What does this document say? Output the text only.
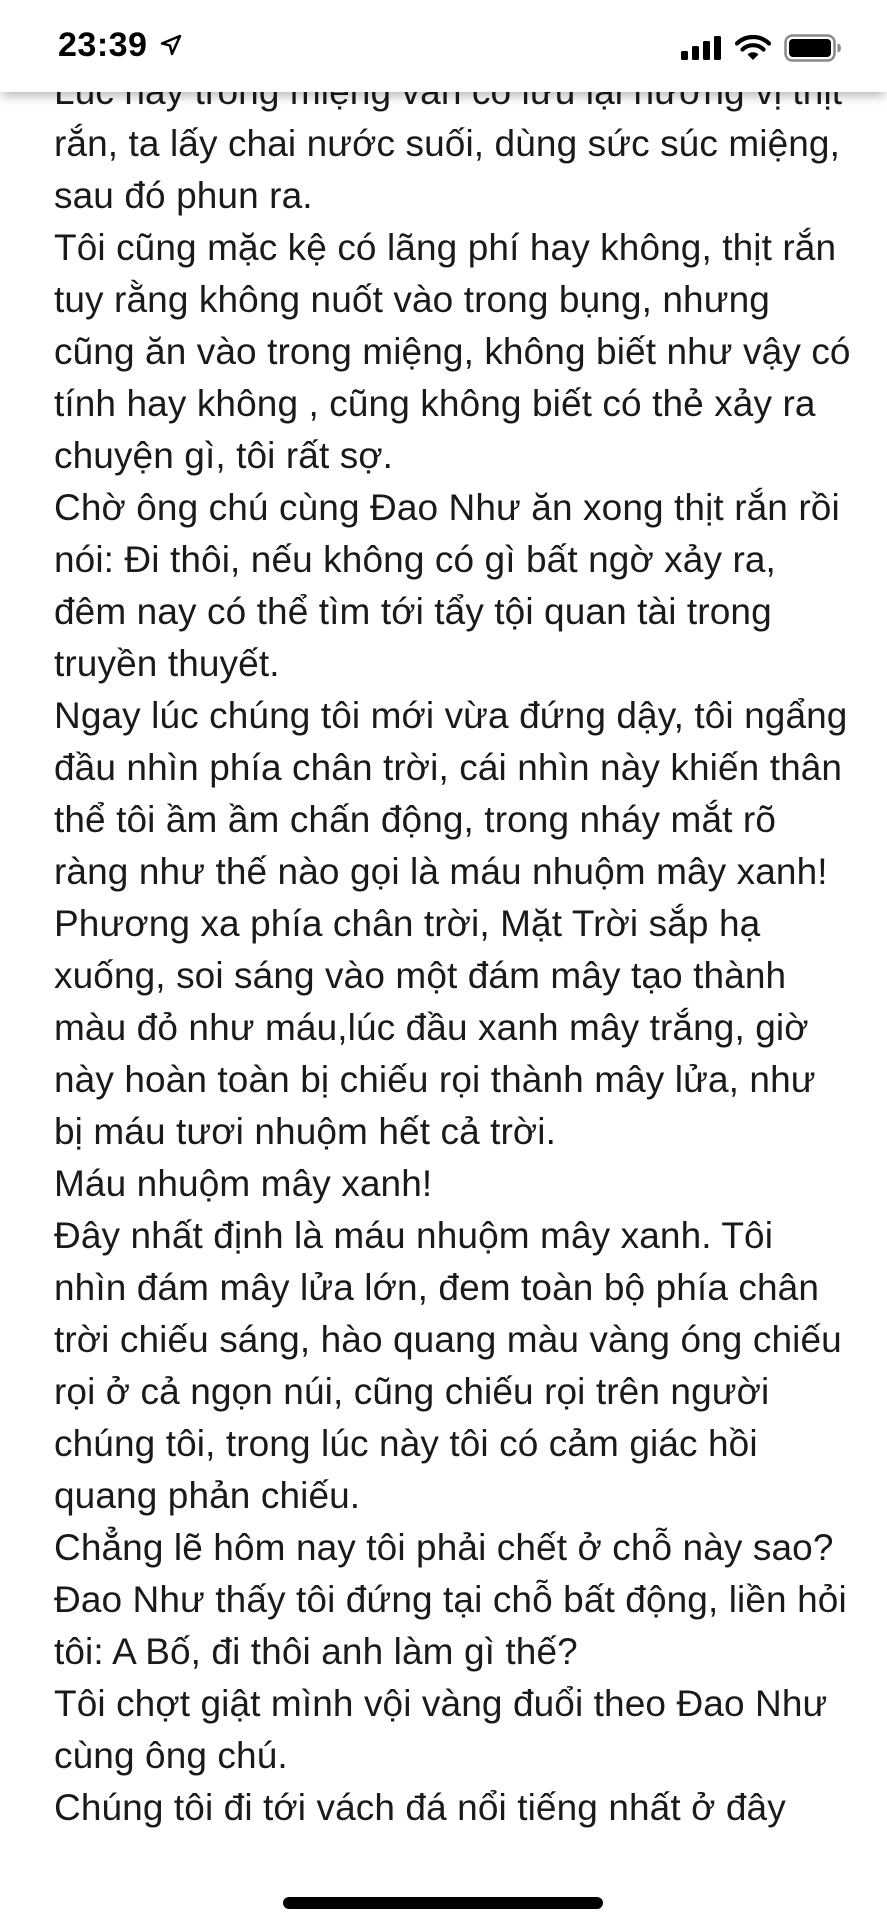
rắn, ta lấy chai nước suối, dùng sức súc miệng, sau đó phun ra.

Tôi cũng mặc kệ có lãng phí hay không, thịt rắn tuy rằng không nuốt vào trong bụng, nhưng cũng ăn vào trong miệng, không biết như vậy có tính hay không , cũng không biết có thẻ xảy ra chuyện gì, tôi rất sợ.

Chờ ông chú cùng Đao Như ăn xong thịt rắn rồi nói: Đi thôi, nếu không có gì bất ngờ xảy ra, đêm nay có thể tìm tới tẩy tội quan tài trong truyền thuyết.

Ngay lúc chúng tôi mới vừa đứng dậy, tôi ngẩng đầu nhìn phía chân trời, cái nhìn này khiến thân thể tôi ầm ầm chấn động, trong nháy mắt rõ ràng như thế nào gọi là máu nhuộm mây xanh!

Phương xa phía chân trời, Mặt Trời sắp hạ xuống, soi sáng vào một đám mây tạo thành màu đỏ như máu,lúc đầu xanh mây trắng, giờ này hoàn toàn bị chiếu rọi thành mây lửa, như bị máu tươi nhuộm hết cả trời.

Máu nhuộm mây xanh!

Đây nhất định là máu nhuộm mây xanh. Tôi nhìn đám mây lửa lớn, đem toàn bộ phía chân trời chiếu sáng, hào quang màu vàng óng chiếu rọi ở cả ngọn núi, cũng chiếu rọi trên người chúng tôi, trong lúc này tôi có cảm giác hồi quang phản chiếu.

Chẳng lẽ hôm nay tôi phải chết ở chỗ này sao?

Đao Như thấy tôi đứng tại chỗ bất động, liền hỏi tôi: A Bố, đi thôi anh làm gì thế?

Tôi chợt giật mình vội vàng đuổi theo Đao Như cùng ông chú.

Chúng tôi đi tới vách đá nổi tiếng nhất ở đây

23:39
